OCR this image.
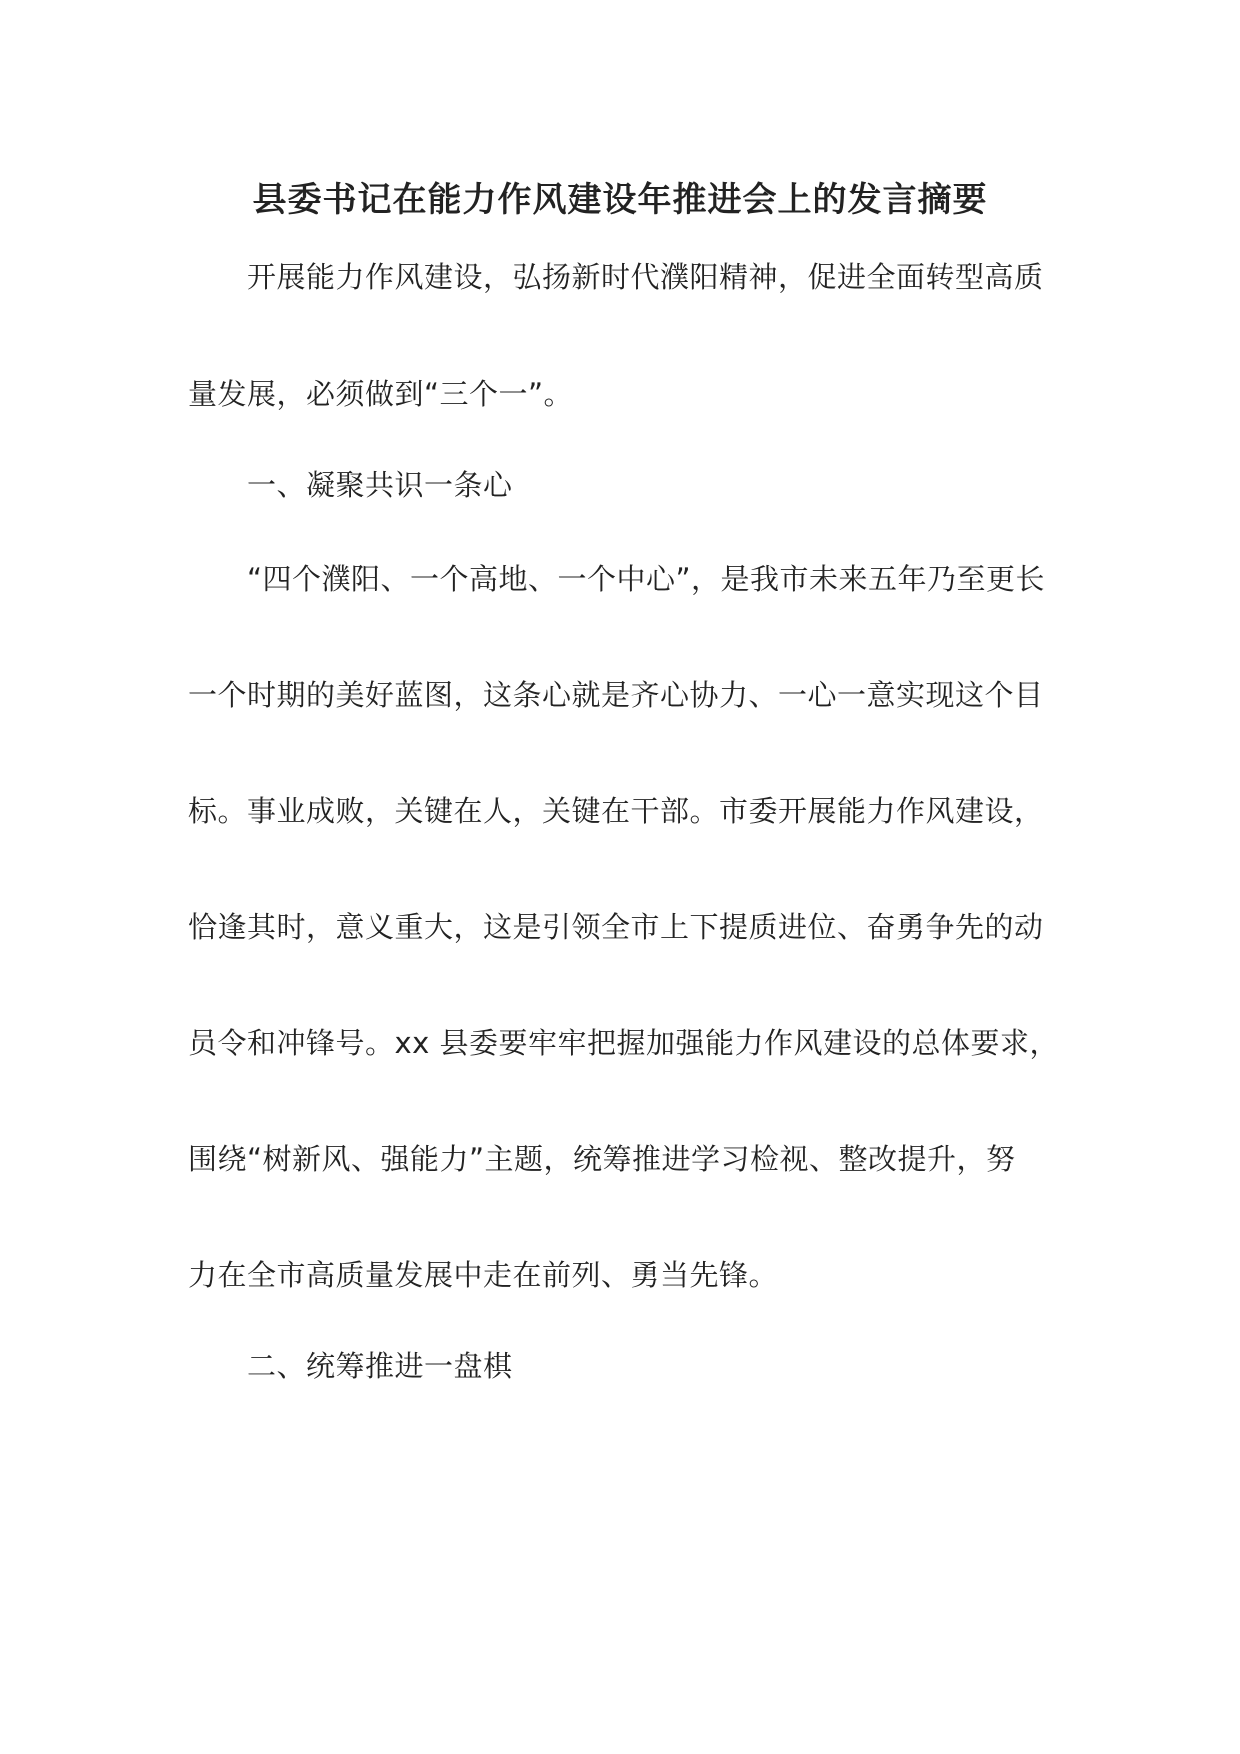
县委书记在能力作风建设年推进会上的发言摘要
开展能力作风建设，弘扬新时代濮阳精神，促进全面转型高质
量发展，必须做到“三个一”。
一、凝聚共识一条心
“四个濮阳、一个高地、一个中心”，是我市未来五年乃至更长
一个时期的美好蓝图，这条心就是齐心协力、一心一意实现这个目
标。事业成败，关键在人，关键在干部。市委开展能力作风建设，
恰逢其时，意义重大，这是引领全市上下提质进位、奋勇争先的动
员令和冲锋号。xx 县委要牢牢把握加强能力作风建设的总体要求，
围绕“树新风、强能力”主题，统筹推进学习检视、整改提升，努
力在全市高质量发展中走在前列、勇当先锋。
二、统筹推进一盘棋
